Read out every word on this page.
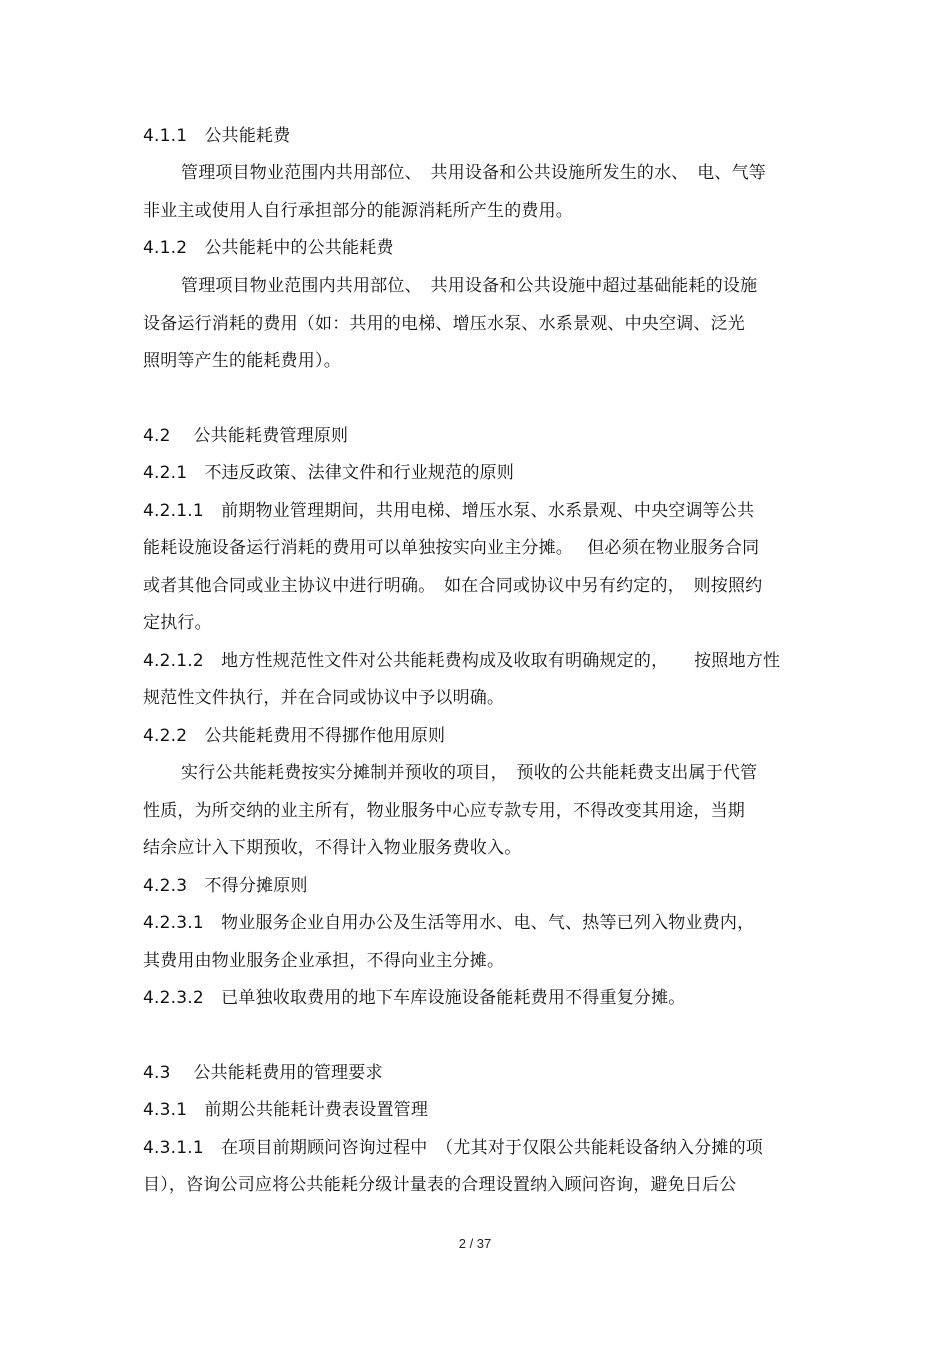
4.1.1　公共能耗费
管理项目物业范围内共用部位、　共用设备和公共设施所发生的水、　电、气等
非业主或使用人自行承担部分的能源消耗所产生的费用。
4.1.2　公共能耗中的公共能耗费
管理项目物业范围内共用部位、　共用设备和公共设施中超过基础能耗的设施
设备运行消耗的费用（如：共用的电梯、增压水泵、水系景观、中央空调、泛光
照明等产生的能耗费用）。
4.2　 公共能耗费管理原则
4.2.1　不违反政策、法律文件和行业规范的原则
4.2.1.1　前期物业管理期间，共用电梯、增压水泵、水系景观、中央空调等公共
能耗设施设备运行消耗的费用可以单独按实向业主分摊。　 但必须在物业服务合同
或者其他合同或业主协议中进行明确。　如在合同或协议中另有约定的，　则按照约
定执行。
4.2.1.2　地方性规范性文件对公共能耗费构成及收取有明确规定的，　　按照地方性
规范性文件执行，并在合同或协议中予以明确。
4.2.2　公共能耗费用不得挪作他用原则
实行公共能耗费按实分摊制并预收的项目，　预收的公共能耗费支出属于代管
性质，为所交纳的业主所有，物业服务中心应专款专用，不得改变其用途，当期
结余应计入下期预收，不得计入物业服务费收入。
4.2.3　不得分摊原则
4.2.3.1　物业服务企业自用办公及生活等用水、电、气、热等已列入物业费内，
其费用由物业服务企业承担，不得向业主分摊。
4.2.3.2　已单独收取费用的地下车库设施设备能耗费用不得重复分摊。
4.3　 公共能耗费用的管理要求
4.3.1　前期公共能耗计费表设置管理
4.3.1.1　在项目前期顾问咨询过程中　（尤其对于仅限公共能耗设备纳入分摊的项
目），咨询公司应将公共能耗分级计量表的合理设置纳入顾问咨询，避免日后公
2 / 37
